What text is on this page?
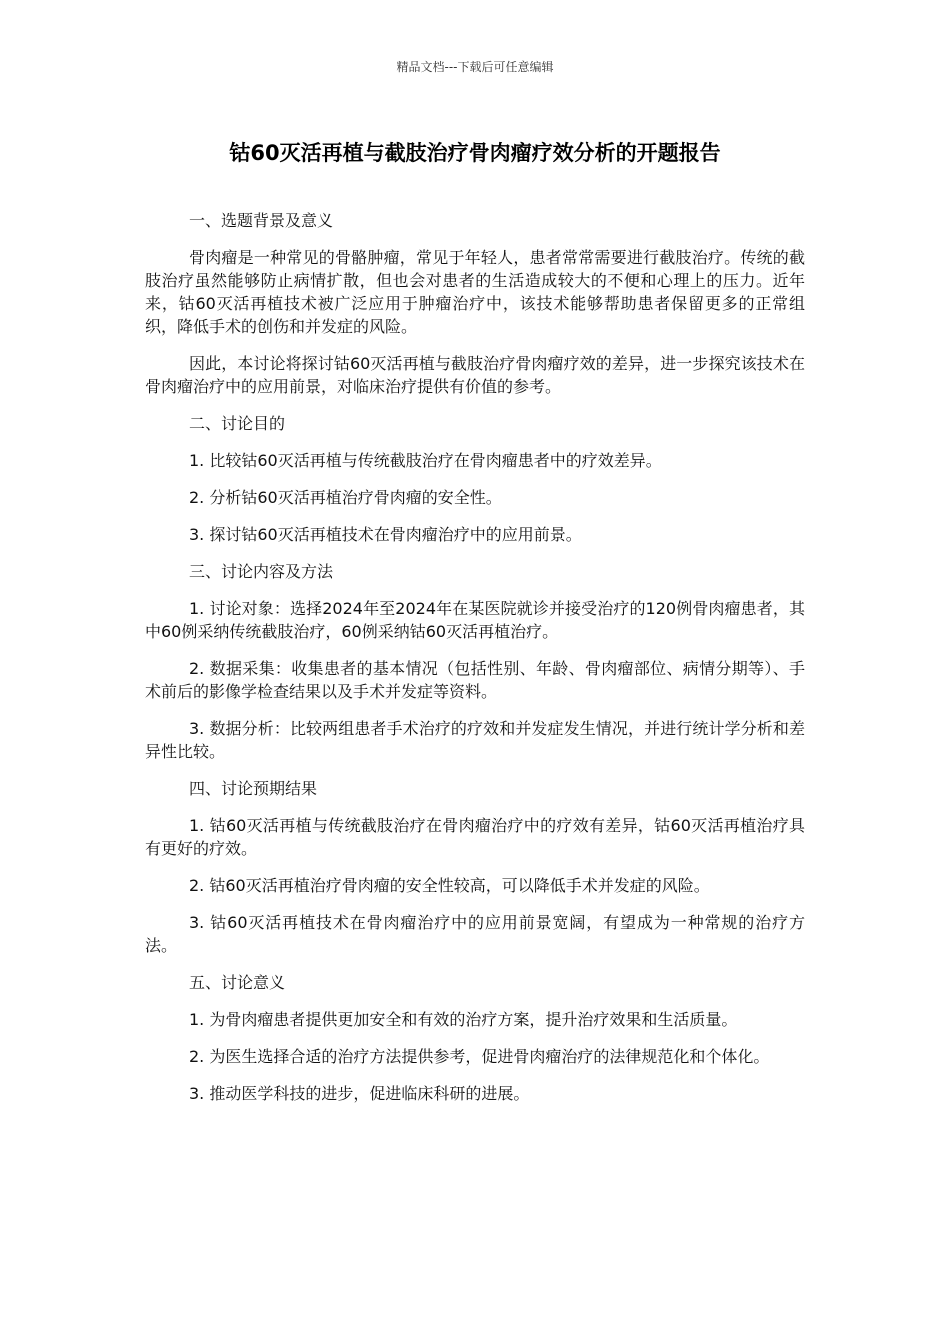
精品文档---下载后可任意编辑
钴60灭活再植与截肢治疗骨肉瘤疗效分析的开题报告

一、选题背景及意义

骨肉瘤是一种常见的骨骼肿瘤，常见于年轻人，患者常常需要进行截肢治疗。传统的截肢治疗虽然能够防止病情扩散，但也会对患者的生活造成较大的不便和心理上的压力。近年来，钴60灭活再植技术被广泛应用于肿瘤治疗中，该技术能够帮助患者保留更多的正常组织，降低手术的创伤和并发症的风险。

因此，本讨论将探讨钴60灭活再植与截肢治疗骨肉瘤疗效的差异，进一步探究该技术在骨肉瘤治疗中的应用前景，对临床治疗提供有价值的参考。

二、讨论目的

1. 比较钴60灭活再植与传统截肢治疗在骨肉瘤患者中的疗效差异。

2. 分析钴60灭活再植治疗骨肉瘤的安全性。

3. 探讨钴60灭活再植技术在骨肉瘤治疗中的应用前景。

三、讨论内容及方法

1. 讨论对象：选择2024年至2024年在某医院就诊并接受治疗的120例骨肉瘤患者，其中60例采纳传统截肢治疗，60例采纳钴60灭活再植治疗。

2. 数据采集：收集患者的基本情况（包括性别、年龄、骨肉瘤部位、病情分期等）、手术前后的影像学检查结果以及手术并发症等资料。

3. 数据分析：比较两组患者手术治疗的疗效和并发症发生情况，并进行统计学分析和差异性比较。

四、讨论预期结果

1. 钴60灭活再植与传统截肢治疗在骨肉瘤治疗中的疗效有差异，钴60灭活再植治疗具有更好的疗效。

2. 钴60灭活再植治疗骨肉瘤的安全性较高，可以降低手术并发症的风险。

3. 钴60灭活再植技术在骨肉瘤治疗中的应用前景宽阔，有望成为一种常规的治疗方法。

五、讨论意义

1. 为骨肉瘤患者提供更加安全和有效的治疗方案，提升治疗效果和生活质量。

2. 为医生选择合适的治疗方法提供参考，促进骨肉瘤治疗的法律规范化和个体化。

3. 推动医学科技的进步，促进临床科研的进展。
